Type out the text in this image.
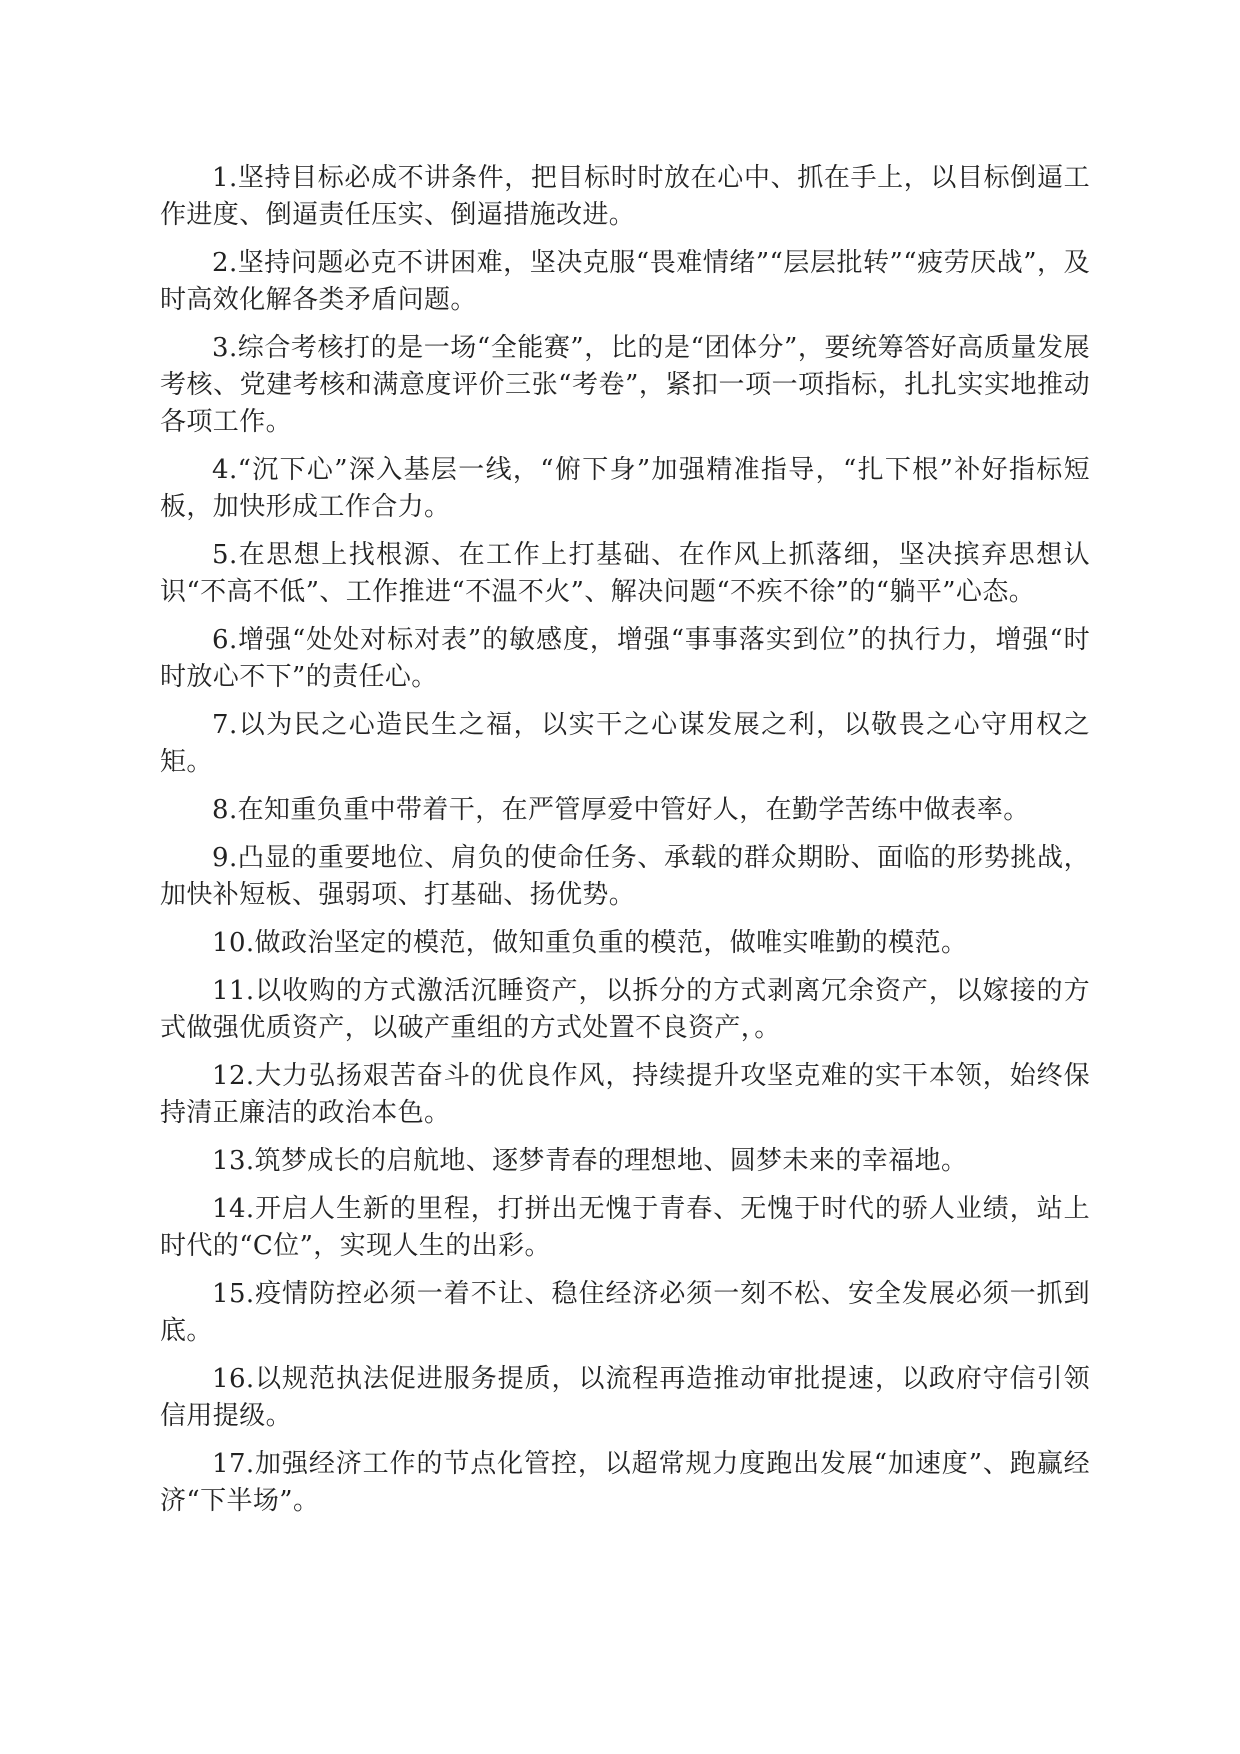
1.坚持目标必成不讲条件，把目标时时放在心中、抓在手上，以目标倒逼工作进度、倒逼责任压实、倒逼措施改进。

2.坚持问题必克不讲困难，坚决克服“畏难情绪”“层层批转”“疲劳厌战”，及时高效化解各类矛盾问题。

3.综合考核打的是一场“全能赛”，比的是“团体分”，要统筹答好高质量发展考核、党建考核和满意度评价三张“考卷”，紧扣一项一项指标，扎扎实实地推动各项工作。

4.“沉下心”深入基层一线，“俯下身”加强精准指导，“扎下根”补好指标短板，加快形成工作合力。

5.在思想上找根源、在工作上打基础、在作风上抓落细，坚决摈弃思想认识“不高不低”、工作推进“不温不火”、解决问题“不疾不徐”的“躺平”心态。

6.增强“处处对标对表”的敏感度，增强“事事落实到位”的执行力，增强“时时放心不下”的责任心。

7.以为民之心造民生之福，以实干之心谋发展之利，以敬畏之心守用权之矩。

8.在知重负重中带着干，在严管厚爱中管好人，在勤学苦练中做表率。

9.凸显的重要地位、肩负的使命任务、承载的群众期盼、面临的形势挑战，加快补短板、强弱项、打基础、扬优势。

10.做政治坚定的模范，做知重负重的模范，做唯实唯勤的模范。

11.以收购的方式激活沉睡资产，以拆分的方式剥离冗余资产，以嫁接的方式做强优质资产，以破产重组的方式处置不良资产，。

12.大力弘扬艰苦奋斗的优良作风，持续提升攻坚克难的实干本领，始终保持清正廉洁的政治本色。

13.筑梦成长的启航地、逐梦青春的理想地、圆梦未来的幸福地。

14.开启人生新的里程，打拼出无愧于青春、无愧于时代的骄人业绩，站上时代的“C位”，实现人生的出彩。

15.疫情防控必须一着不让、稳住经济必须一刻不松、安全发展必须一抓到底。

16.以规范执法促进服务提质，以流程再造推动审批提速，以政府守信引领信用提级。

17.加强经济工作的节点化管控，以超常规力度跑出发展“加速度”、跑赢经济“下半场”。
